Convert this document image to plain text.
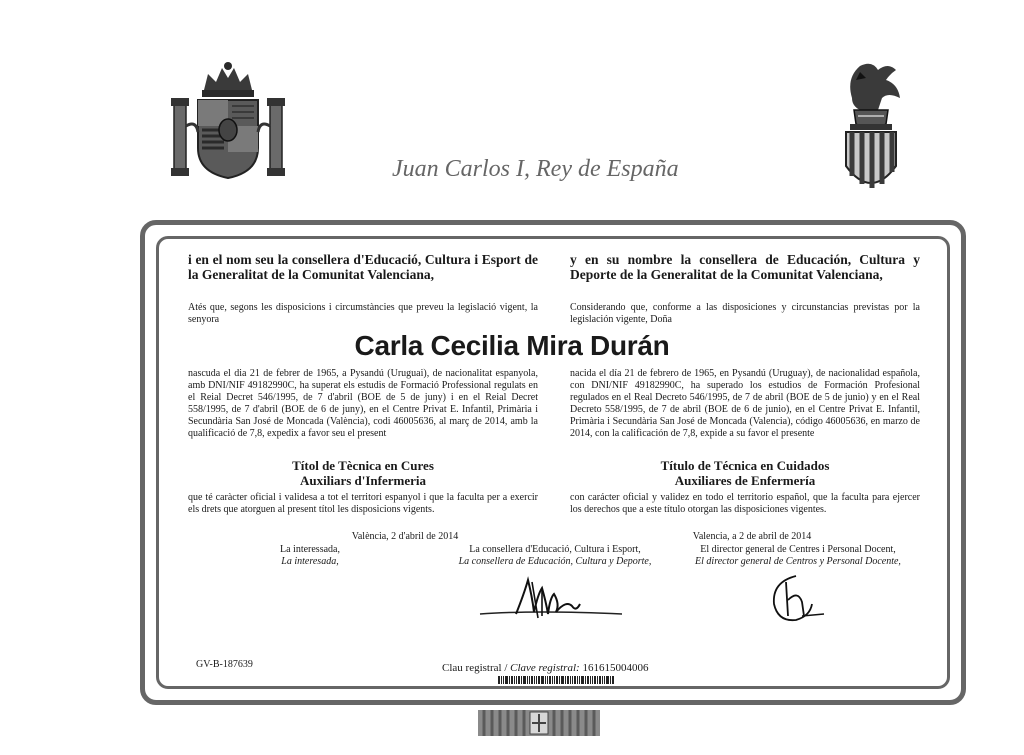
Juan Carlos I, Rey de España
i en el nom seu la consellera d'Educació, Cultura i Esport de la Generalitat de la Comunitat Valenciana,
Atés que, segons les disposicions i circumstàncies que preveu la legislació vigent, la senyora
y en su nombre la consellera de Educación, Cultura y Deporte de la Generalitat de la Comunitat Valenciana,
Considerando que, conforme a las disposiciones y circunstancias previstas por la legislación vigente, Doña
Carla Cecilia Mira Durán
nascuda el dia 21 de febrer de 1965, a Pysandú (Uruguai), de nacionalitat espanyola, amb DNI/NIF 49182990C, ha superat els estudis de Formació Professional regulats en el Reial Decret 546/1995, de 7 d'abril (BOE de 5 de juny) i en el Reial Decret 558/1995, de 7 d'abril (BOE de 6 de juny), en el Centre Privat E. Infantil, Primària i Secundària San José de Moncada (València), codi 46005636, al març de 2014, amb la qualificació de 7,8, expedix a favor seu el present
nacida el día 21 de febrero de 1965, en Pysandú (Uruguay), de nacionalidad española, con DNI/NIF 49182990C, ha superado los estudios de Formación Profesional regulados en el Real Decreto 546/1995, de 7 de abril (BOE de 5 de junio) y en el Real Decreto 558/1995, de 7 de abril (BOE de 6 de junio), en el Centre Privat E. Infantil, Primària i Secundària San José de Moncada (Valencia), código 46005636, en marzo de 2014, con la calificación de 7,8, expide a su favor el presente
Títol de Tècnica en Cures
Auxiliars d'Infermeria
Título de Técnica en Cuidados
Auxiliares de Enfermería
que té caràcter oficial i validesa a tot el territori espanyol i que la faculta per a exercir els drets que atorguen al present títol les disposicions vigents.
con carácter oficial y validez en todo el territorio español, que la faculta para ejercer los derechos que a este título otorgan las disposiciones vigentes.
València, 2 d'abril de 2014	Valencia, a 2 de abril de 2014
La interessada,
La interesada,
La consellera d'Educació, Cultura i Esport,
La consellera de Educación, Cultura y Deporte,
El director general de Centres i Personal Docent,
El director general de Centros y Personal Docente,
GV-B-187639	Clau registral / Clave registral: 161615004006
